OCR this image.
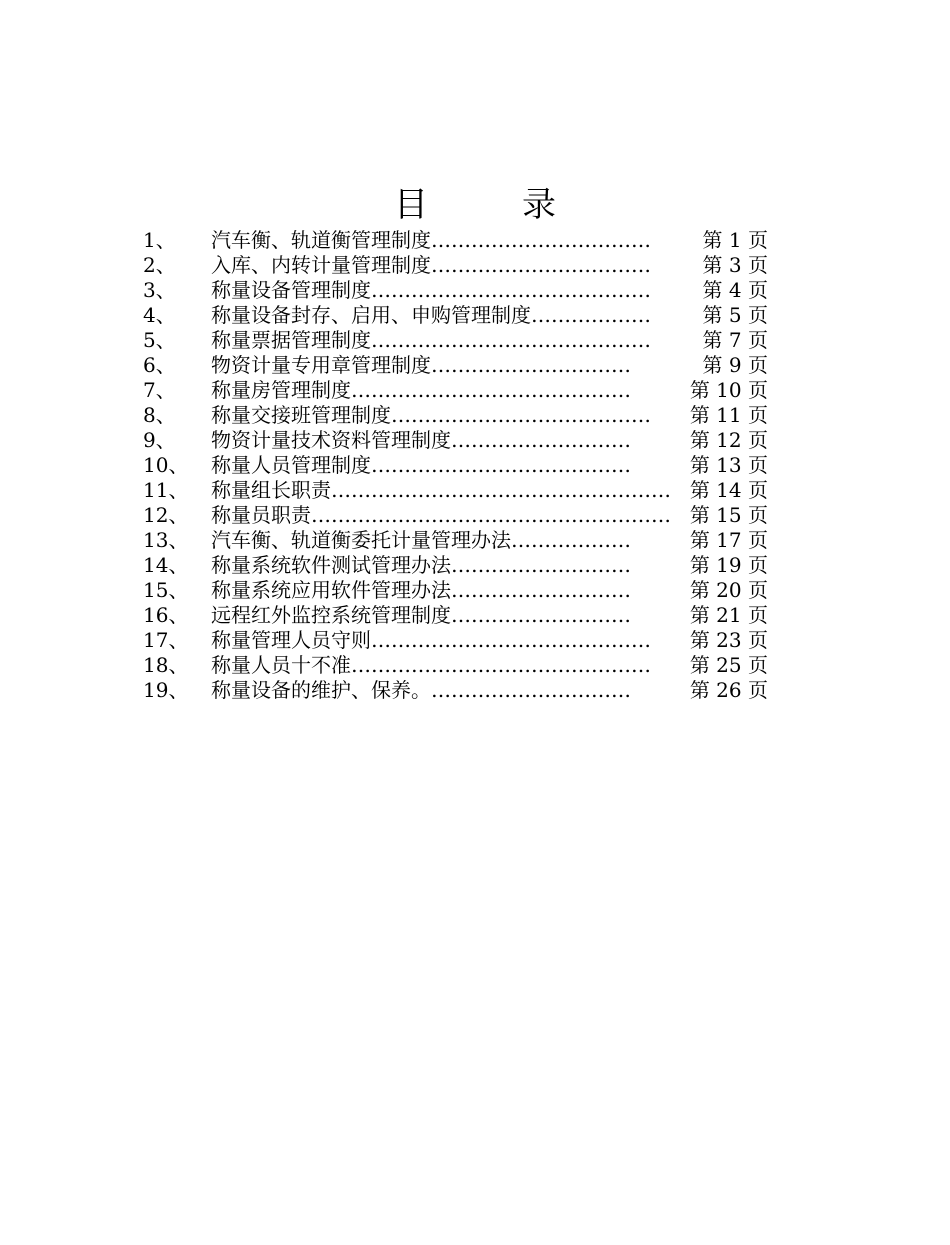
目　录
1、	汽车衡、轨道衡管理制度……………………………	第 1 页
2、	入库、内转计量管理制度……………………………	第 3 页
3、	称量设备管理制度……………………………………	第 4 页
4、	称量设备封存、启用、申购管理制度………………	第 5 页
5、	称量票据管理制度……………………………………	第 7 页
6、	物资计量专用章管理制度…………………………	第 9 页
7、	称量房管理制度……………………………………	第 10 页
8、	称量交接班管理制度………………………………… 第 11 页
9、	物资计量技术资料管理制度………………………	第 12 页
10、	称量人员管理制度…………………………………	第 13 页
11、	称量组长职责…………………………………………… 第 14 页
12、	称量员职责……………………………………………… 第 15 页
13、	汽车衡、轨道衡委托计量管理办法………………	第 17 页
14、	称量系统软件测试管理办法………………………	第 19 页
15、	称量系统应用软件管理办法………………………	第 20 页
16、	远程红外监控系统管理制度………………………	第 21 页
17、	称量管理人员守则…………………………………… 第 23 页
18、	称量人员十不准……………………………………… 第 25 页
19、	称量设备的维护、保养。…………………………	第 26 页
